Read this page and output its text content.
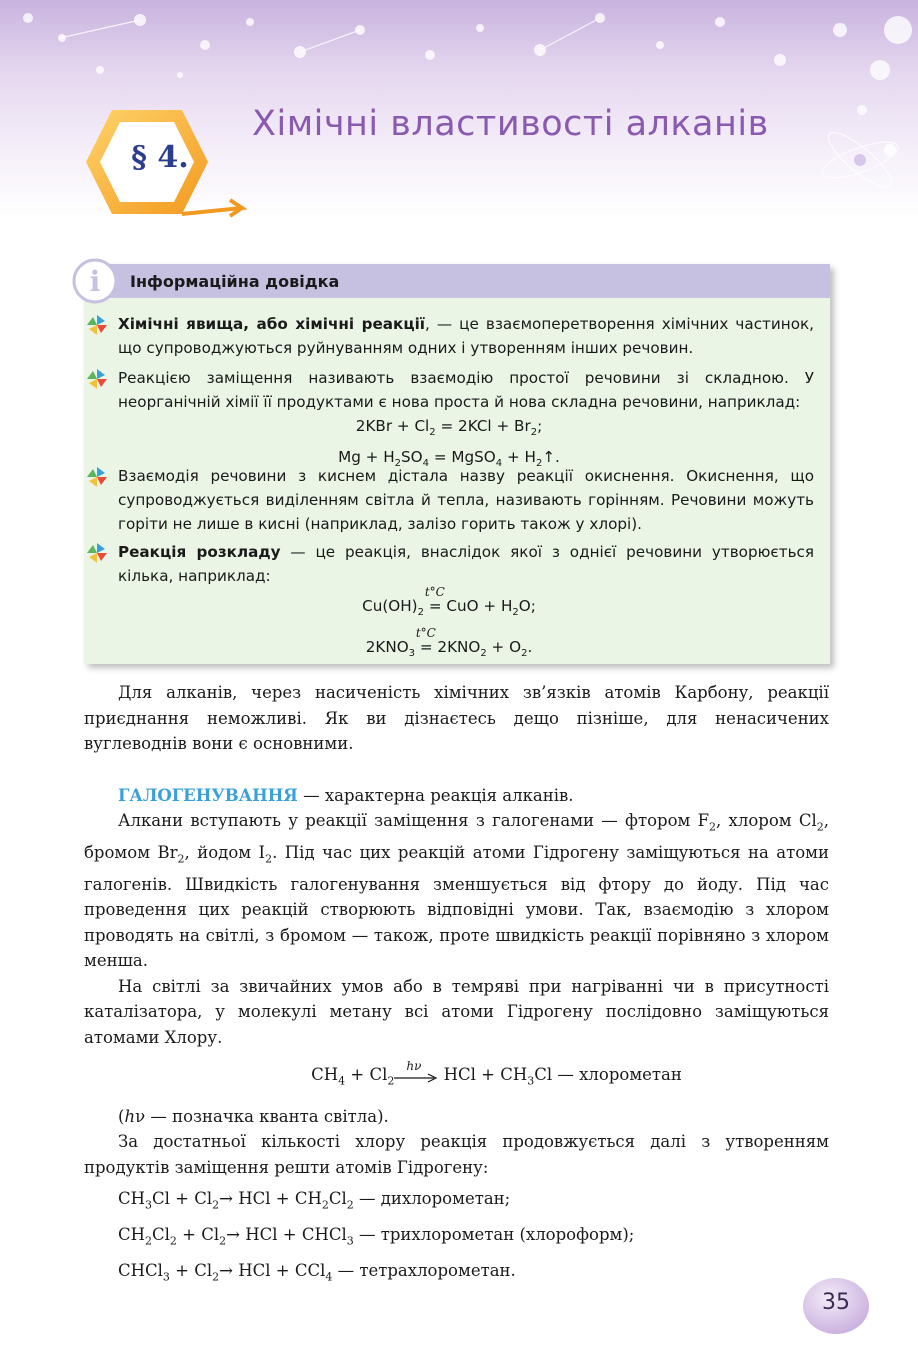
§ 4.
Хімічні властивості алканів
Інформаційна довідка
i
Хімічні явища, або хімічні реакції, — це взаємоперетворення хімічних частинок, що супроводжуються руйнуванням одних і утворенням інших речовин.
Реакцією заміщення називають взаємодію простої речовини зі складною. У неорганічній хімії її продуктами є нова проста й нова складна речовини, наприклад:
$2KBr + Cl_2 = 2KCl + Br_2$;
$Mg + H_2SO_4$ = MgSO$_4$ + $H_2↑$.
Взаємодія речовини з киснем дістала назву реакції окиснення. Окиснення, що супроводжується виділенням світла й тепла, називають горінням. Речовини можуть горіти не лише в кисні (наприклад, залізо горить також у хлорі).
Реакція розкладу — це реакція, внаслідок якої з однієї речовини утворюється кілька, наприклад:
$Cu(OH)_2$
t°C
= CuO + $H_2O$;
$2KNO_3$
t°C
= $2KNO_2 + O_2$.

Для алканів, через насиченість хімічних зв’язків атомів Карбону, реакції приєднання неможливі. Як ви дізнаєтесь дещо пізніше, для ненасичених вуглеводнів вони є основними.

ГАЛОГЕНУВАННЯ — характерна реакція алканів.

Алкани вступають у реакції заміщення з галогенами — фтором $F_2$, хлором $Cl_2$, бромом $Br_2$, йодом $I_2$. Під час цих реакцій атоми Гідрогену заміщуються на атоми галогенів. Швидкість галогенування зменшується від фтору до йоду. Під час проведення цих реакцій створюють відповідні умови. Так, взаємодію з хлором проводять на світлі, з бромом — також, проте швидкість реакції порівняно з хлором менша.

На світлі за звичайних умов або в темряві при нагріванні чи в присутності каталізатора, у молекулі метану всі атоми Гідрогену послідовно заміщуються атомами Хлору.

$CH_4 + Cl_2$
hν HCl + $CH_3Cl$ — хлорометан

(hν — позначка кванта світла).

За достатньої кількості хлору реакція продовжується далі з утворенням продуктів заміщення решти атомів Гідрогену:

$CH_3Cl + Cl_2\to$ HCl + $CH_2Cl_2$ — дихлорометан;
$CH_2Cl_2 + Cl_2\to$ HCl + CHCl$_3$ — трихлорометан (хлороформ);
CHCl$_3$ + $Cl_2\to$ HCl + CCl$_4$ — тетрахлорометан.
35
